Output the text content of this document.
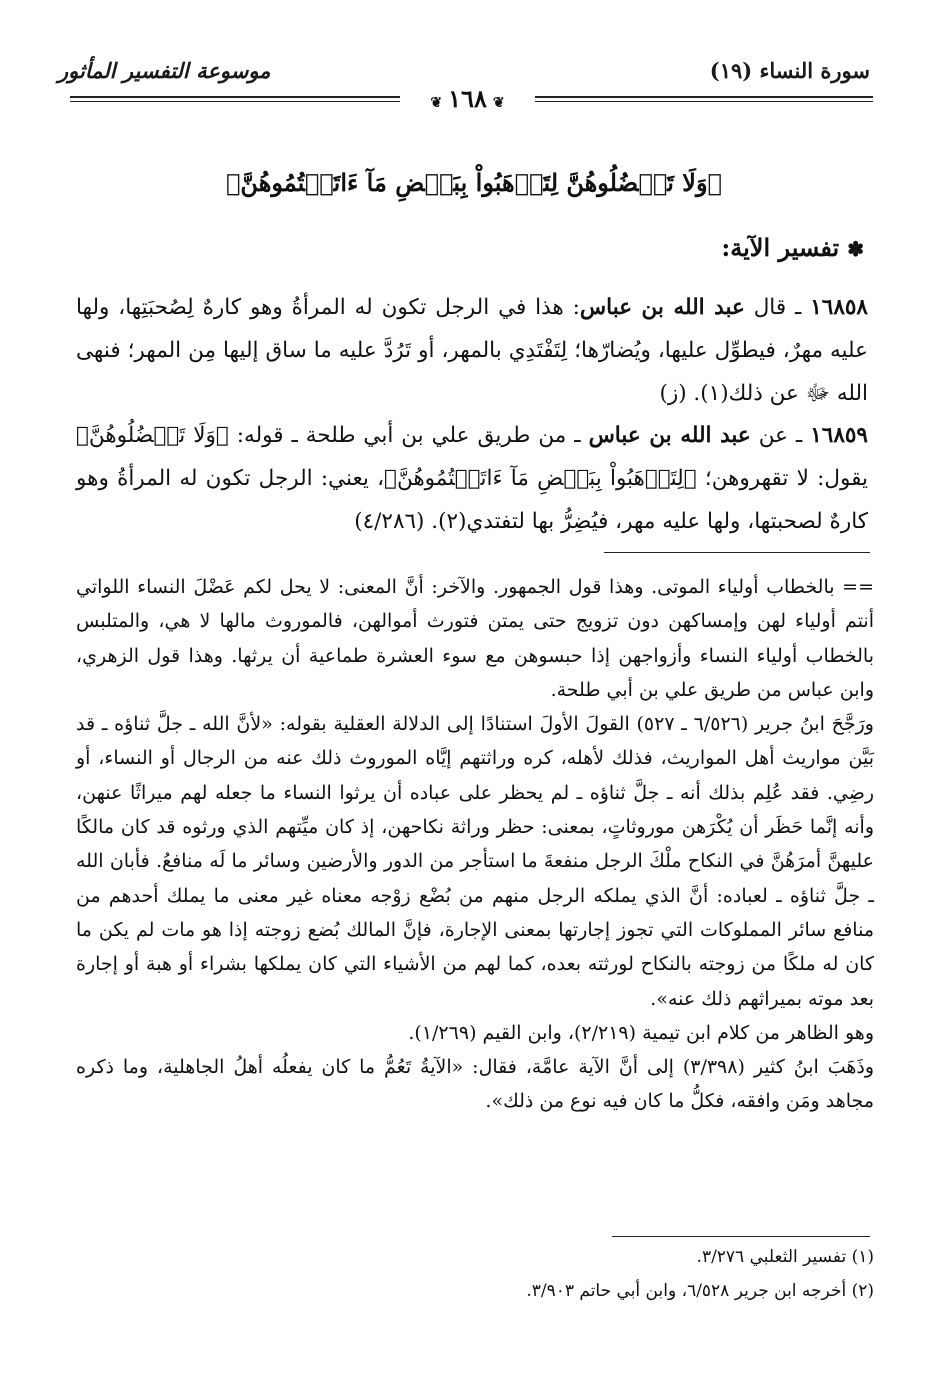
موسوعة التفسير المأثور	سورة النساء (١٩)
❦١٦٨❦
﴿وَلَا تَعۡضُلُوهُنَّ لِتَذۡهَبُواْ بِبَعۡضِ مَآ ءَاتَيۡتُمُوهُنَّ﴾
✽تفسير الآية:

١٦٨٥٨ ـ قال عبد الله بن عباس: هذا في الرجل تكون له المرأةُ وهو كارهٌ لِصُحبَتِها، ولها عليه مهرٌ، فيطوِّل عليها، ويُضارّها؛ لِتَفْتَدِي بالمهر، أو تَرُدَّ عليه ما ساق إليها مِن المهر؛ فنهى الله ﷻ عن ذلك(١). (ز)

١٦٨٥٩ ـ عن عبد الله بن عباس ـ من طريق علي بن أبي طلحة ـ قوله: ﴿وَلَا تَعۡضُلُوهُنَّ﴾ يقول: لا تقهروهن؛ ﴿لِتَذۡهَبُواْ بِبَعۡضِ مَآ ءَاتَيۡتُمُوهُنَّ﴾، يعني: الرجل تكون له المرأةُ وهو كارهٌ لصحبتها، ولها عليه مهر، فيُضِرُّ بها لتفتدي(٢). (٤/٢٨٦)

== بالخطاب أولياء الموتى. وهذا قول الجمهور. والآخر: أنَّ المعنى: لا يحل لكم عَضْلَ النساء اللواتي أنتم أولياء لهن وإمساكهن دون تزويج حتى يمتن فتورث أموالهن، فالموروث مالها لا هي، والمتلبس بالخطاب أولياء النساء وأزواجهن إذا حبسوهن مع سوء العشرة طماعية أن يرثها. وهذا قول الزهري، وابن عباس من طريق علي بن أبي طلحة.

ورَجَّحَ ابنُ جرير (٦/٥٢٦ ـ ٥٢٧) القولَ الأولَ استنادًا إلى الدلالة العقلية بقوله: «لأنَّ الله ـ جلَّ ثناؤه ـ قد بَيَّن مواريث أهل المواريث، فذلك لأهله، كره وراثتهم إيَّاه الموروث ذلك عنه من الرجال أو النساء، أو رضِي. فقد عُلِم بذلك أنه ـ جلَّ ثناؤه ـ لم يحظر على عباده أن يرثوا النساء ما جعله لهم ميراثًا عنهن، وأنه إنَّما حَظَر أن يُكْرَهن موروثاتٍ، بمعنى: حظر وراثة نكاحهن، إذ كان ميِّتهم الذي ورثوه قد كان مالكًا عليهنَّ أمرَهُنَّ في النكاح ملْكَ الرجل منفعةَ ما استأجر من الدور والأرضين وسائر ما لَه منافعُ. فأبان الله ـ جلَّ ثناؤه ـ لعباده: أنَّ الذي يملكه الرجل منهم من بُضْع زوْجه معناه غير معنى ما يملك أحدهم من منافع سائر المملوكات التي تجوز إجارتها بمعنى الإجارة، فإنَّ المالك بُضع زوجته إذا هو مات لم يكن ما كان له ملكًا من زوجته بالنكاح لورثته بعده، كما لهم من الأشياء التي كان يملكها بشراء أو هبة أو إجارة بعد موته بميراثهم ذلك عنه».

وهو الظاهر من كلام ابن تيمية (٢/٢١٩)، وابن القيم (١/٢٦٩).

وذَهَبَ ابنُ كثير (٣/٣٩٨) إلى أنَّ الآية عامَّة، فقال: «الآيةُ تَعُمُّ ما كان يفعلُه أهلُ الجاهلية، وما ذكره مجاهد ومَن وافقه، فكلُّ ما كان فيه نوع من ذلك».

(١) تفسير الثعلبي ٣/٢٧٦.
(٢) أخرجه ابن جرير ٦/٥٢٨، وابن أبي حاتم ٣/٩٠٣.
